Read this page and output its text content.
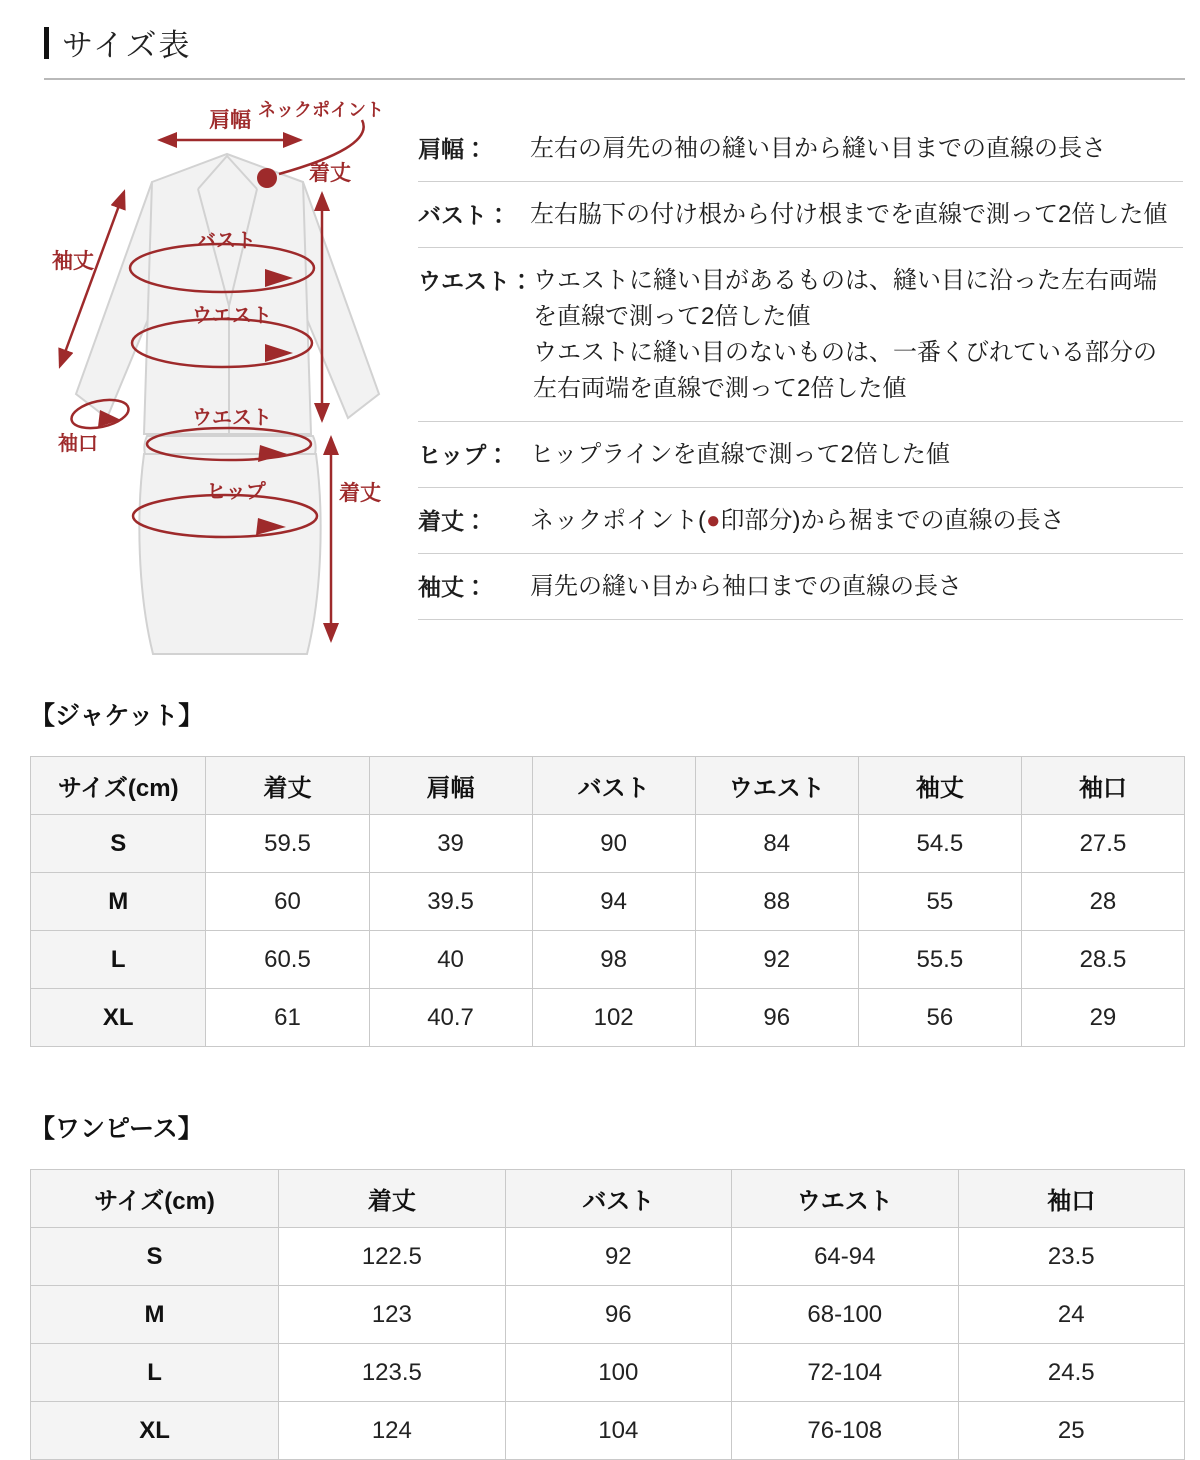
サイズ表
肩幅 ネックポイント
着丈
袖丈
バスト
ウエスト
袖口
ウエスト
ヒップ	着丈
肩幅：	左右の肩先の袖の縫い目から縫い目までの直線の長さ
バスト： 左右脇下の付け根から付け根までを直線で測って2倍した値
ウエスト： ウエストに縫い目があるものは、縫い目に沿った左右両端
を直線で測って2倍した値
ウエストに縫い目のないものは、一番くびれている部分の
左右両端を直線で測って2倍した値
ヒップ： ヒップラインを直線で測って2倍した値
着丈：	ネックポイント(●印部分)から裾までの直線の長さ
袖丈：	肩先の縫い目から袖口までの直線の長さ
【ジャケット】
サイズ(cm)	着丈	肩幅	バスト	ウエスト	袖丈	袖口
S	59.5	39	90	84	54.5	27.5
M	60	39.5	94	88	55	28
L	60.5	40	98	92	55.5	28.5
XL	61	40.7	102	96	56	29
【ワンピース】
サイズ(cm)	着丈	バスト	ウエスト	袖口
S	122.5	92	64-94	23.5
M	123	96	68-100	24
L	123.5	100	72-104	24.5
XL	124	104	76-108	25
